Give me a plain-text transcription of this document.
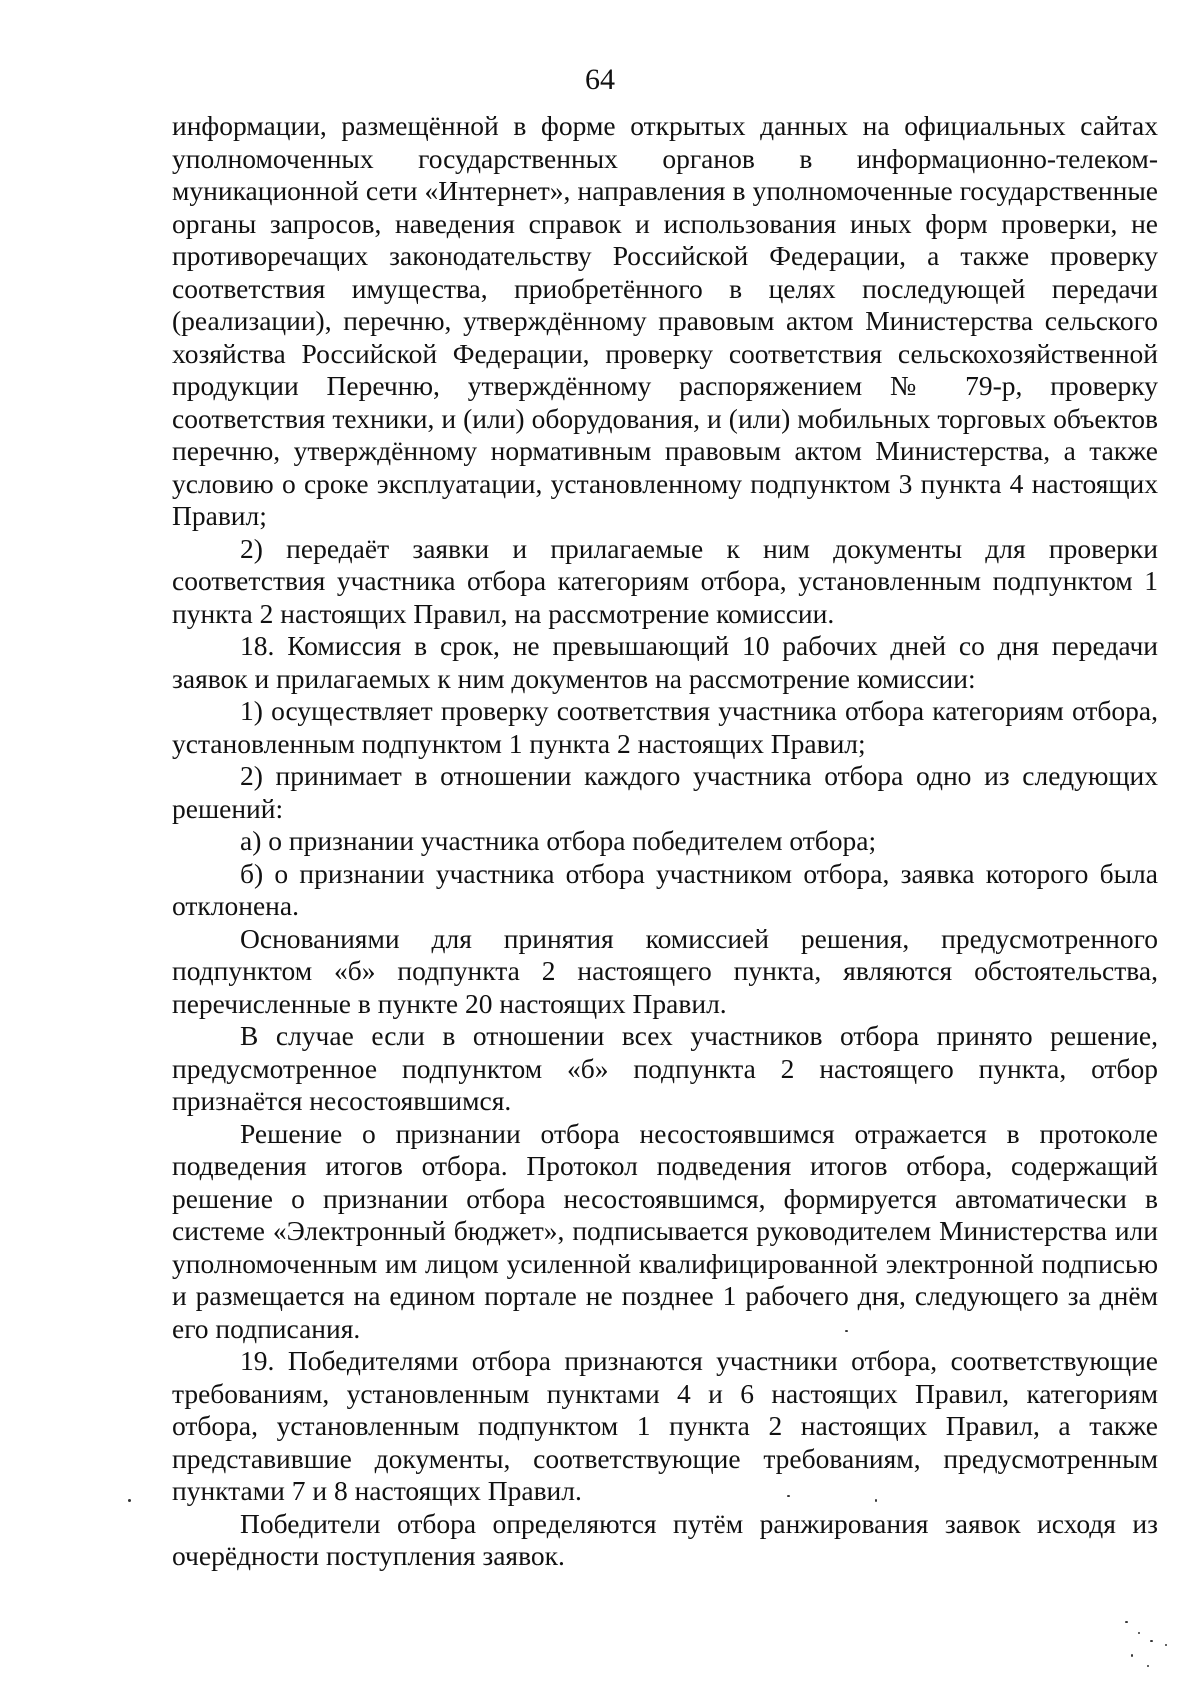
64

информации, размещённой в форме открытых данных на официальных сайтах уполномоченных государственных органов в информационно-телекоммуникационной сети «Интернет», направления в уполномоченные государственные органы запросов, наведения справок и использования иных форм проверки, не противоречащих законодательству Российской Федерации, а также проверку соответствия имущества, приобретённого в целях последующей передачи (реализации), перечню, утверждённому правовым актом Министерства сельского хозяйства Российской Федерации, проверку соответствия сельскохозяйственной продукции Перечню, утверждённому распоряжением № 79-р, проверку соответствия техники, и (или) оборудования, и (или) мобильных торговых объектов перечню, утверждённому нормативным правовым актом Министерства, а также условию о сроке эксплуатации, установленному подпунктом 3 пункта 4 настоящих Правил;

2) передаёт заявки и прилагаемые к ним документы для проверки соответствия участника отбора категориям отбора, установленным подпунктом 1 пункта 2 настоящих Правил, на рассмотрение комиссии.

18. Комиссия в срок, не превышающий 10 рабочих дней со дня передачи заявок и прилагаемых к ним документов на рассмотрение комиссии:

1) осуществляет проверку соответствия участника отбора категориям отбора, установленным подпунктом 1 пункта 2 настоящих Правил;

2) принимает в отношении каждого участника отбора одно из следующих решений:

а) о признании участника отбора победителем отбора;

б) о признании участника отбора участником отбора, заявка которого была отклонена.

Основаниями для принятия комиссией решения, предусмотренного подпунктом «б» подпункта 2 настоящего пункта, являются обстоятельства, перечисленные в пункте 20 настоящих Правил.

В случае если в отношении всех участников отбора принято решение, предусмотренное подпунктом «б» подпункта 2 настоящего пункта, отбор признаётся несостоявшимся.

Решение о признании отбора несостоявшимся отражается в протоколе подведения итогов отбора. Протокол подведения итогов отбора, содержащий решение о признании отбора несостоявшимся, формируется автоматически в системе «Электронный бюджет», подписывается руководителем Министерства или уполномоченным им лицом усиленной квалифицированной электронной подписью и размещается на едином портале не позднее 1 рабочего дня, следующего за днём его подписания.

19. Победителями отбора признаются участники отбора, соответствующие требованиям, установленным пунктами 4 и 6 настоящих Правил, категориям отбора, установленным подпунктом 1 пункта 2 настоящих Правил, а также представившие документы, соответствующие требованиям, предусмотренным пунктами 7 и 8 настоящих Правил.

Победители отбора определяются путём ранжирования заявок исходя из очерёдности поступления заявок.
